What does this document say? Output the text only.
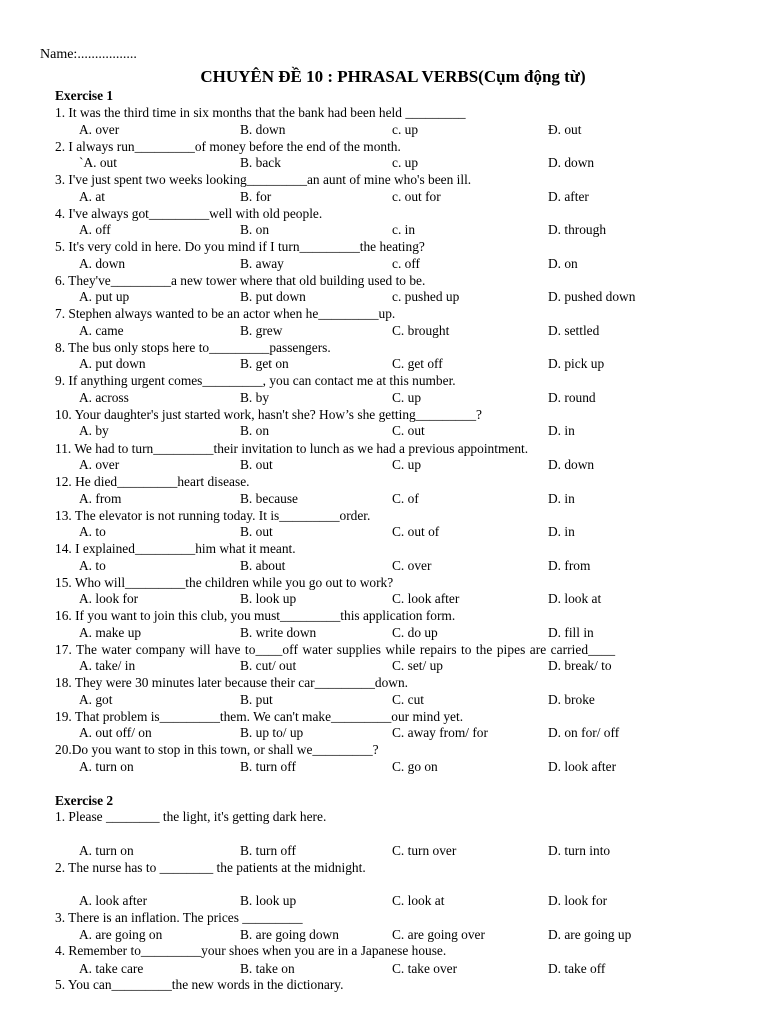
Name:.................
CHUYÊN ĐỀ 10 : PHRASAL VERBS(Cụm động từ)
Exercise 1
1. It was the third time in six months that the bank had been held _________
A. over	B. down	c. up	Đ. out
2. I always run_________of money before the end of the month.
`A. out	B. back	c. up	D. down
3. I've just spent two weeks looking_________an aunt of mine who's been ill.
A. at	B. for	c. out for	D. after
4. I've always got_________well with old people.
A. off	B. on	c. in	D. through
5. It's very cold in here. Do you mind if I turn_________the heating?
A. down	B. away	c. off	D. on
6. They've_________a new tower where that old building used to be.
A. put up	B. put down	c. pushed up	D. pushed down
7. Stephen always wanted to be an actor when he_________up.
A. came	B. grew	C. brought	D. settled
8. The bus only stops here to_________passengers.
A. put down	B. get on	C. get off	D. pick up
9. If anything urgent comes_________, you can contact me at this number.
A. across	B. by	C. up	D. round
10. Your daughter's just started work, hasn't she? How’s she getting_________?
A. by	B. on	C. out	D. in
11. We had to turn_________their invitation to lunch as we had a previous appointment.
A. over	B. out	C. up	D. down
12. He died_________heart disease.
A. from	B. because	C. of	D. in
13. The elevator is not running today. It is_________order.
A. to	B. out	C. out of	D. in
14. I explained_________him what it meant.
A. to	B. about	C. over	D. from
15. Who will_________the children while you go out to work?
A. look for	B. look up	C. look after	D. look at
16. If you want to join this club, you must_________this application form.
A. make up	B. write down	C. do up	D. fill in
17. The water company will have to____off water supplies while repairs to the pipes are carried____
A. take/ in	B. cut/ out	C. set/ up	D. break/ to
18. They were 30 minutes later because their car_________down.
A. got	B. put	C. cut	D. broke
19. That problem is_________them. We can't make_________our mind yet.
A. out off/ on	B. up to/ up	C. away from/ for	D. on for/ off
20.Do you want to stop in this town, or shall we_________?
A. turn on	B. turn off	C. go on	D. look after
Exercise 2
1. Please ________ the light, it's getting dark here.
A. turn on	B. turn off	C. turn over	D. turn into
2. The nurse has to ________ the patients at the midnight.
A. look after	B. look up	C. look at	D. look for
3. There is an inflation. The prices _________
A. are going on	B. are going down	C. are going over	D. are going up
4. Remember to_________your shoes when you are in a Japanese house.
A. take care	B. take on	C. take over	D. take off
5. You can_________the new words in the dictionary.
